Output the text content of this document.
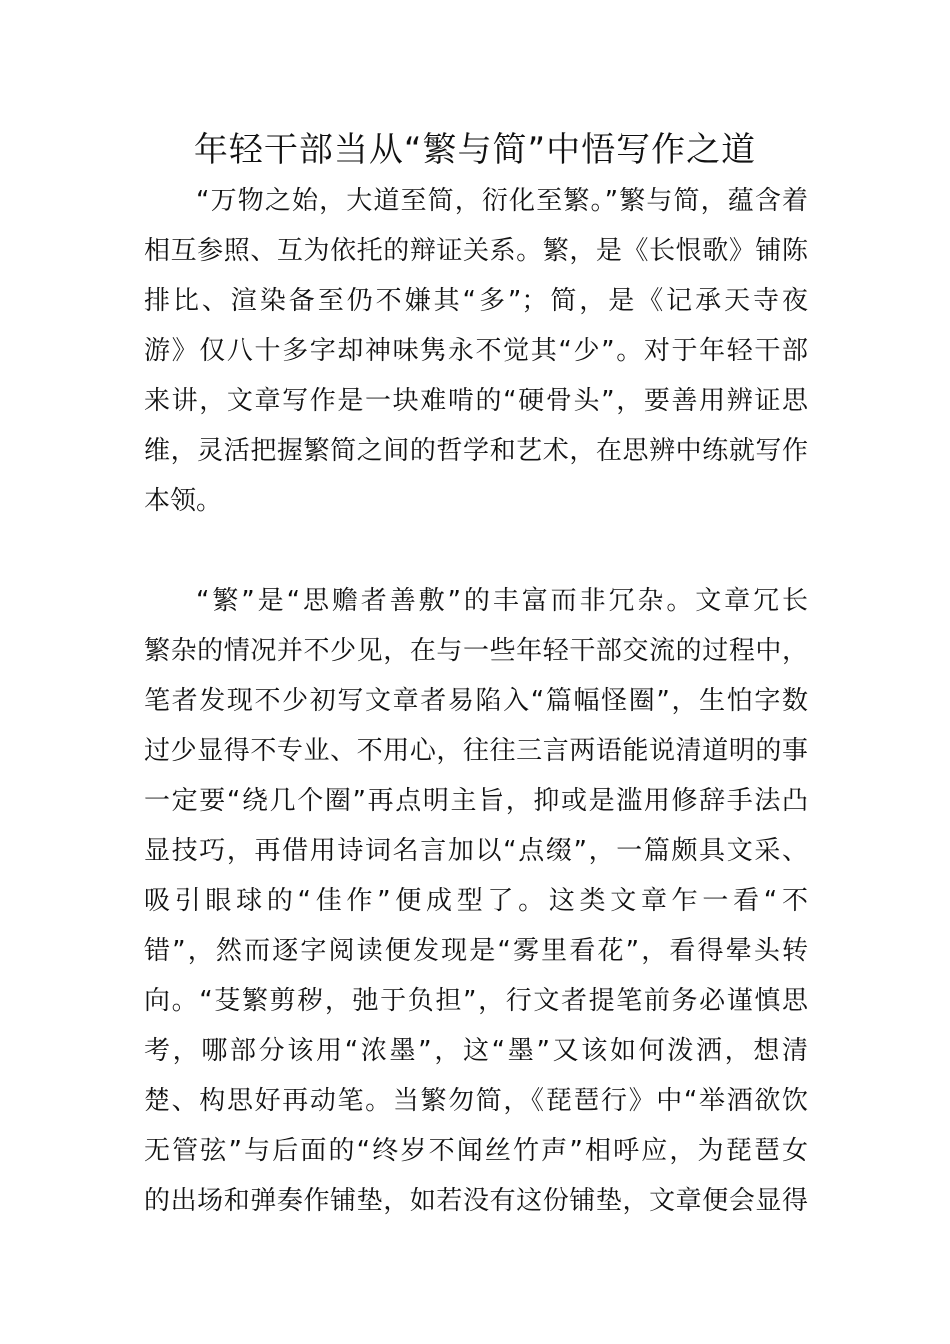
年轻干部当从“繁与简”中悟写作之道
“万物之始，大道至简，衍化至繁。”繁与简，蕴含着
相互参照、互为依托的辩证关系。繁，是《长恨歌》铺陈
排比、渲染备至仍不嫌其“多”；简，是《记承天寺夜
游》仅八十多字却神味隽永不觉其“少”。对于年轻干部
来讲，文章写作是一块难啃的“硬骨头”，要善用辨证思
维，灵活把握繁简之间的哲学和艺术，在思辨中练就写作
本领。
“繁”是“思赡者善敷”的丰富而非冗杂。文章冗长
繁杂的情况并不少见，在与一些年轻干部交流的过程中，
笔者发现不少初写文章者易陷入“篇幅怪圈”，生怕字数
过少显得不专业、不用心，往往三言两语能说清道明的事
一定要“绕几个圈”再点明主旨，抑或是滥用修辞手法凸
显技巧，再借用诗词名言加以“点缀”，一篇颇具文采、
吸引眼球的“佳作”便成型了。这类文章乍一看“不
错”，然而逐字阅读便发现是“雾里看花”，看得晕头转
向。“芟繁剪秽，弛于负担”，行文者提笔前务必谨慎思
考，哪部分该用“浓墨”，这“墨”又该如何泼洒，想清
楚、构思好再动笔。当繁勿简，《琵琶行》中“举酒欲饮
无管弦”与后面的“终岁不闻丝竹声”相呼应，为琵琶女
的出场和弹奏作铺垫，如若没有这份铺垫，文章便会显得
